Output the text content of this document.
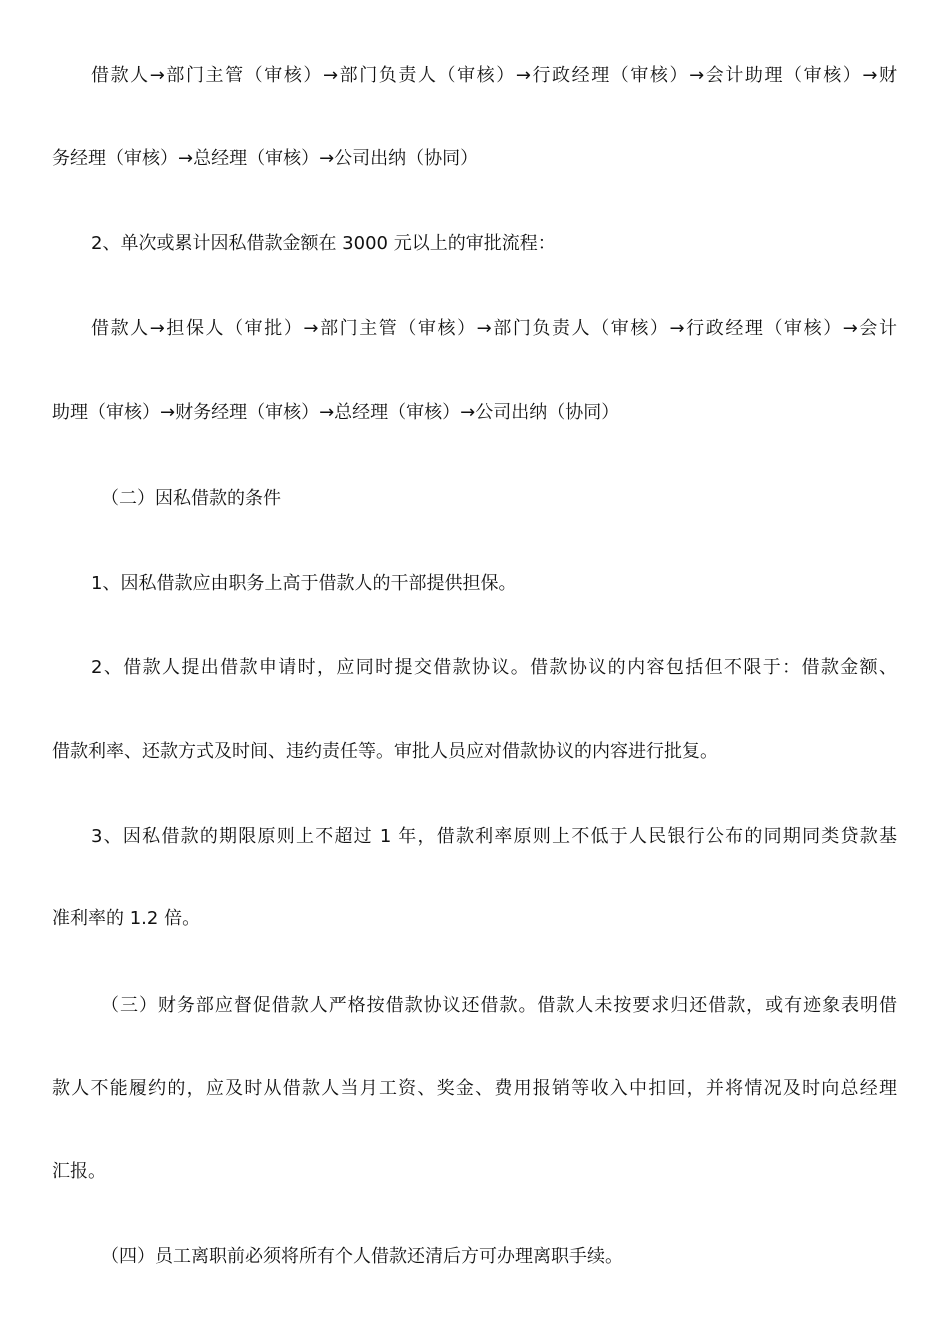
借款人→部门主管（审核）→部门负责人（审核）→行政经理（审核）→会计助理（审核）→财
务经理（审核）→总经理（审核）→公司出纳（协同）
2、单次或累计因私借款金额在 3000 元以上的审批流程：
借款人→担保人（审批）→部门主管（审核）→部门负责人（审核）→行政经理（审核）→会计
助理（审核）→财务经理（审核）→总经理（审核）→公司出纳（协同）
（二）因私借款的条件
1、因私借款应由职务上高于借款人的干部提供担保。
2、借款人提出借款申请时，应同时提交借款协议。借款协议的内容包括但不限于：借款金额、
借款利率、还款方式及时间、违约责任等。审批人员应对借款协议的内容进行批复。
3、因私借款的期限原则上不超过 1 年，借款利率原则上不低于人民银行公布的同期同类贷款基
准利率的 1.2 倍。
（三）财务部应督促借款人严格按借款协议还借款。借款人未按要求归还借款，或有迹象表明借
款人不能履约的，应及时从借款人当月工资、奖金、费用报销等收入中扣回，并将情况及时向总经理
汇报。
（四）员工离职前必须将所有个人借款还清后方可办理离职手续。
